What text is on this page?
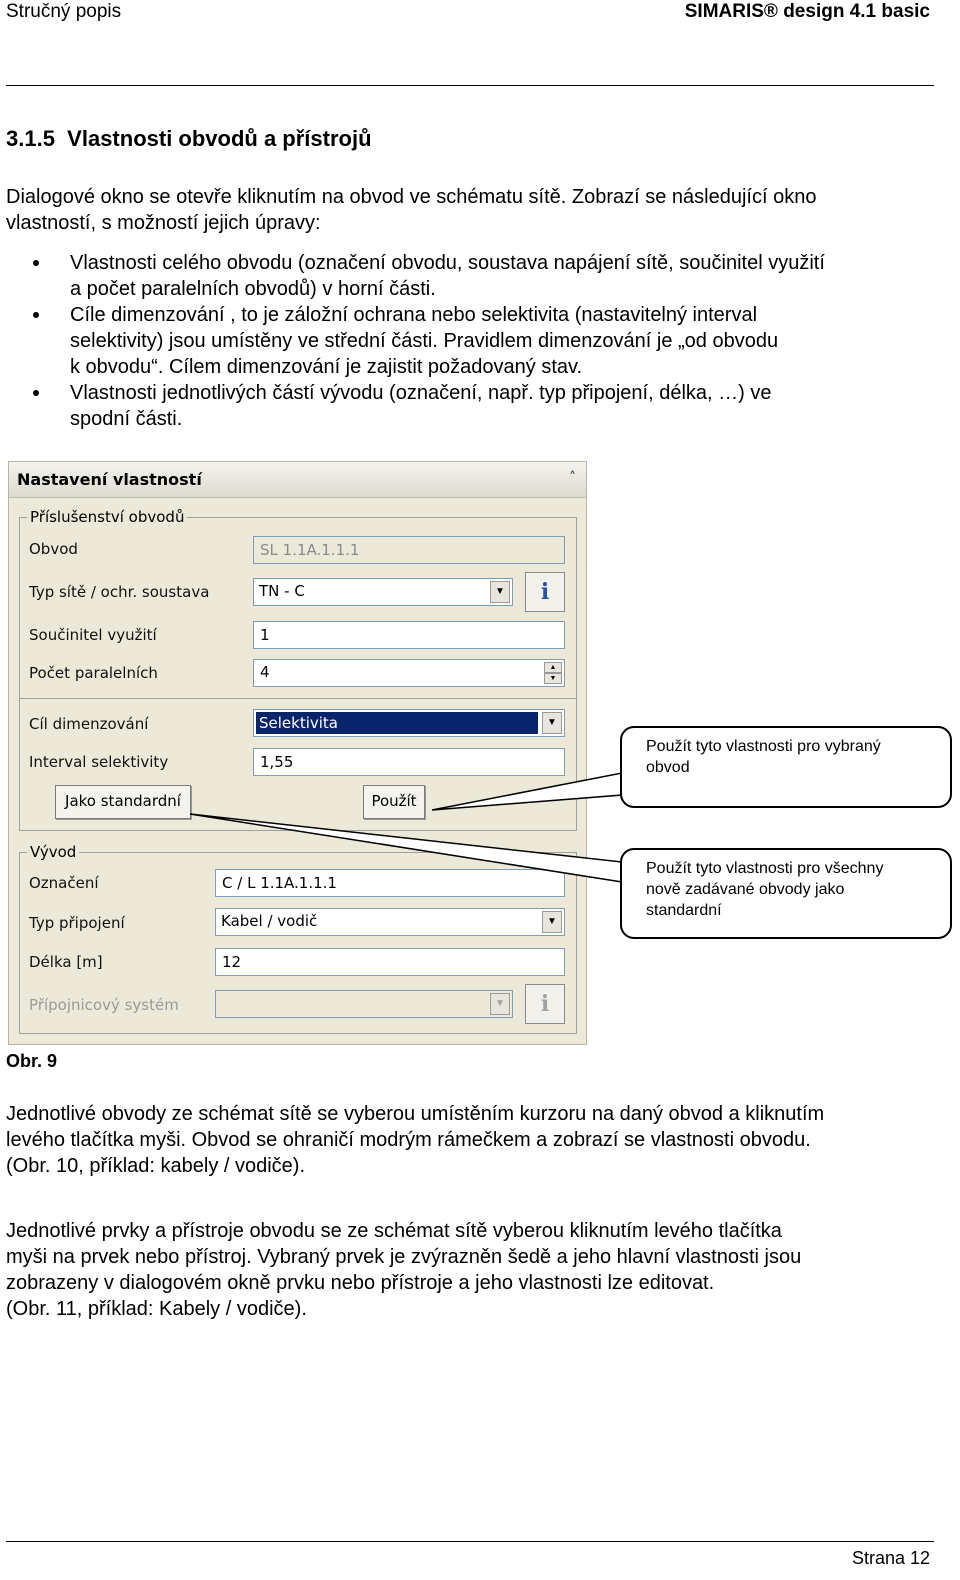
Stručný popis	SIMARIS® design 4.1 basic
3.1.5 Vlastnosti obvodů a přístrojů
Dialogové okno se otevře kliknutím na obvod ve schématu sítě. Zobrazí se následující okno
vlastností, s možností jejich úpravy:
Vlastnosti celého obvodu (označení obvodu, soustava napájení sítě, součinitel využití
a počet paralelních obvodů) v horní části.
Cíle dimenzování , to je záložní ochrana nebo selektivita (nastavitelný interval
selektivity) jsou umístěny ve střední části. Pravidlem dimenzování je „od obvodu
k obvodu“. Cílem dimenzování je zajistit požadovaný stav.
Vlastnosti jednotlivých částí vývodu (označení, např. typ připojení, délka, …) ve
spodní části.
Nastavení vlastností	˄
Příslušenství obvodů
Obvod	SL 1.1A.1.1.1
Typ sítě / ochr. soustava	TN - C	▼	i
Součinitel využití	1
Počet paralelních	4	▲
▼
Cíl dimenzování	Selektivita	▼
Interval selektivity	1,55
Jako standardní	Použít
Vývod
Označení	C / L 1.1A.1.1.1
Typ připojení	Kabel / vodič	▼
Délka [m]	12
Přípojnicový systém	▼	i
Použít tyto vlastnosti pro vybraný
obvod
Použít tyto vlastnosti pro všechny
nově zadávané obvody jako
standardní
Obr. 9
Jednotlivé obvody ze schémat sítě se vyberou umístěním kurzoru na daný obvod a kliknutím
levého tlačítka myši. Obvod se ohraničí modrým rámečkem a zobrazí se vlastnosti obvodu.
(Obr. 10, příklad: kabely / vodiče).
Jednotlivé prvky a přístroje obvodu se ze schémat sítě vyberou kliknutím levého tlačítka
myši na prvek nebo přístroj. Vybraný prvek je zvýrazněn šedě a jeho hlavní vlastnosti jsou
zobrazeny v dialogovém okně prvku nebo přístroje a jeho vlastnosti lze editovat.
(Obr. 11, příklad: Kabely / vodiče).
Strana 12
